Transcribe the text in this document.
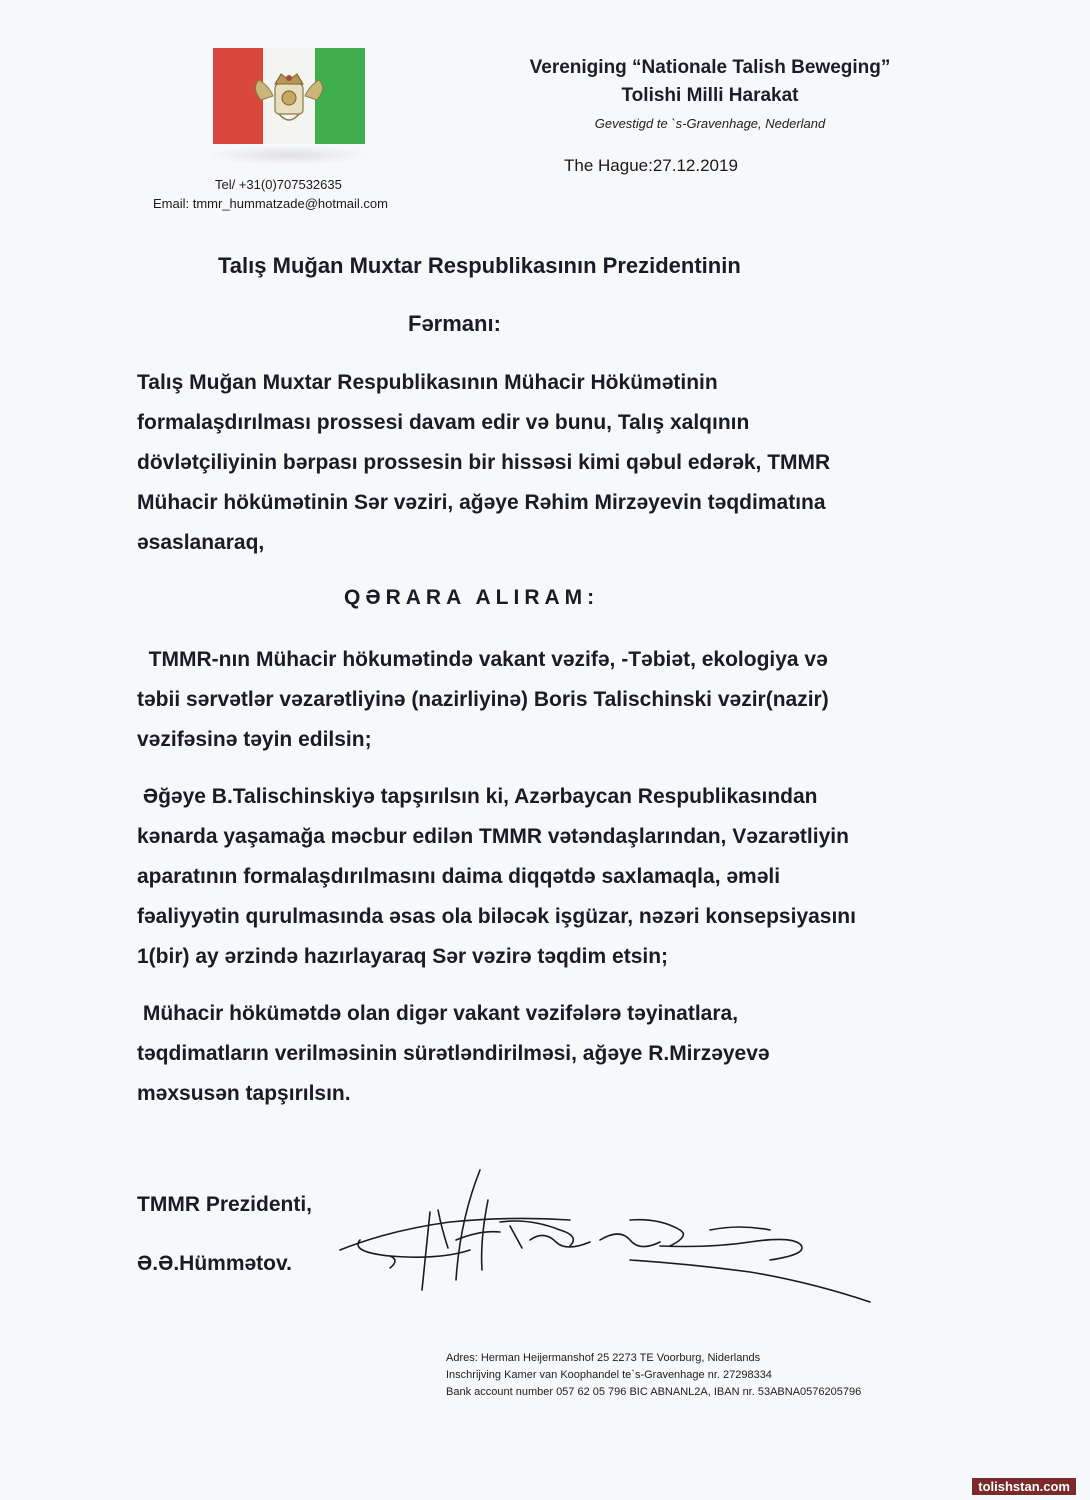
Tel/ +31(0)707532635
Email: tmmr_hummatzade@hotmail.com
Vereniging “Nationale Talish Beweging”
Tolishi Milli Harakat
Gevestigd te `s-Gravenhage, Nederland
The Hague:27.12.2019
Talış Muğan Muxtar Respublikasının Prezidentinin
Fərmanı:
Talış Muğan Muxtar Respublikasının Mühacir Hökümətinin
formalaşdırılması prossesi davam edir və bunu, Talış xalqının
dövlətçiliyinin bərpası prossesin bir hissəsi kimi qəbul edərək, TMMR
Mühacir hökümətinin Sər vəziri, ağəye Rəhim Mirzəyevin təqdimatına
əsaslanaraq,
QƏRARA ALIRAM:
TMMR-nın Mühacir hökumətində vakant vəzifə, -Təbiət, ekologiya və
təbii sərvətlər vəzarətliyinə (nazirliyinə) Boris Talischinski vəzir(nazir)
vəzifəsinə təyin edilsin;
Əğəye B.Talischinskiyə tapşırılsın ki, Azərbaycan Respublikasından
kənarda yaşamağa məcbur edilən TMMR vətəndaşlarından, Vəzarətliyin
aparatının formalaşdırılmasını daima diqqətdə saxlamaqla, əməli
fəaliyyətin qurulmasında əsas ola biləcək işgüzar, nəzəri konsepsiyasını
1(bir) ay ərzində hazırlayaraq Sər vəzirə təqdim etsin;
Mühacir hökümətdə olan digər vakant vəzifələrə təyinatlara,
təqdimatların verilməsinin sürətləndirilməsi, ağəye R.Mirzəyevə
məxsusən tapşırılsın.
TMMR Prezidenti,
Ə.Ə.Hümmətov.
Adres: Herman Heijermanshof 25 2273 TE Voorburg, Niderlands
Inschrijving Kamer van Koophandel te`s-Gravenhage nr. 27298334
Bank account number 057 62 05 796 BIC ABNANL2A, IBAN nr. 53ABNA0576205796
tolishstan.com
